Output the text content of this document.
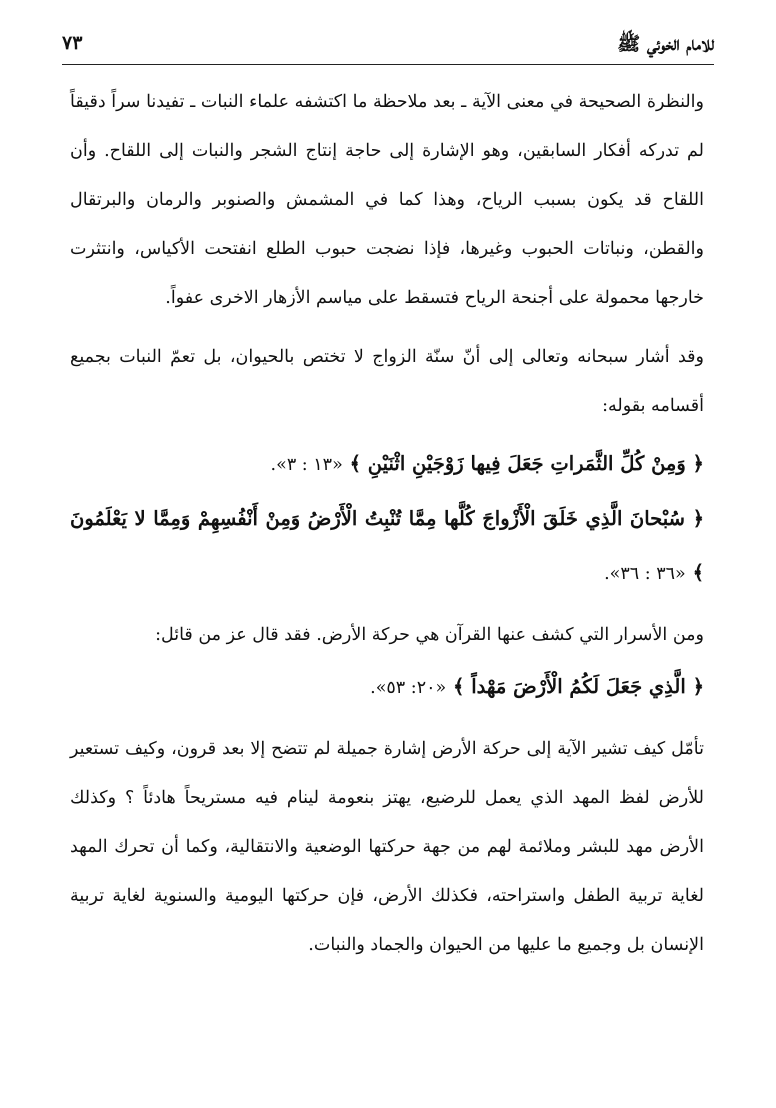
للامام الخوئي ﷺ
٧٣

والنظرة الصحيحة في معنى الآية ـ بعد ملاحظة ما اكتشفه علماء النبات ـ تفيدنا سراً دقيقاً لم تدركه أفكار السابقين، وهو الإشارة إلى حاجة إنتاج الشجر والنبات إلى اللقاح. وأن اللقاح قد يكون بسبب الرياح، وهذا كما في المشمش والصنوبر والرمان والبرتقال والقطن، ونباتات الحبوب وغيرها، فإذا نضجت حبوب الطلع انفتحت الأكياس، وانتثرت خارجها محمولة على أجنحة الرياح فتسقط على مياسم الأزهار الاخرى عفواً.

وقد أشار سبحانه وتعالى إلى أنّ سنّة الزواج لا تختص بالحيوان، بل تعمّ النبات بجميع أقسامه بقوله:

﴿ وَمِنْ كُلِّ الثَّمَراتِ جَعَلَ فِيها زَوْجَيْنِ اثْنَيْنِ ﴾ «١٣ : ٣».

﴿ سُبْحانَ الَّذِي خَلَقَ الْأَزْواجَ كُلَّها مِمَّا تُنْبِتُ الْأَرْضُ وَمِنْ أَنْفُسِهِمْ وَمِمَّا لا يَعْلَمُونَ ﴾ «٣٦ : ٣٦».

ومن الأسرار التي كشف عنها القرآن هي حركة الأرض. فقد قال عز من قائل:

﴿ الَّذِي جَعَلَ لَكُمُ الْأَرْضَ مَهْداً ﴾ «٢٠: ٥٣».

تأمّل كيف تشير الآية إلى حركة الأرض إشارة جميلة لم تتضح إلا بعد قرون، وكيف تستعير للأرض لفظ المهد الذي يعمل للرضيع، يهتز بنعومة لينام فيه مستريحاً هادئاً ؟ وكذلك الأرض مهد للبشر وملائمة لهم من جهة حركتها الوضعية والانتقالية، وكما أن تحرك المهد لغاية تربية الطفل واستراحته، فكذلك الأرض، فإن حركتها اليومية والسنوية لغاية تربية الإنسان بل وجميع ما عليها من الحيوان والجماد والنبات.
